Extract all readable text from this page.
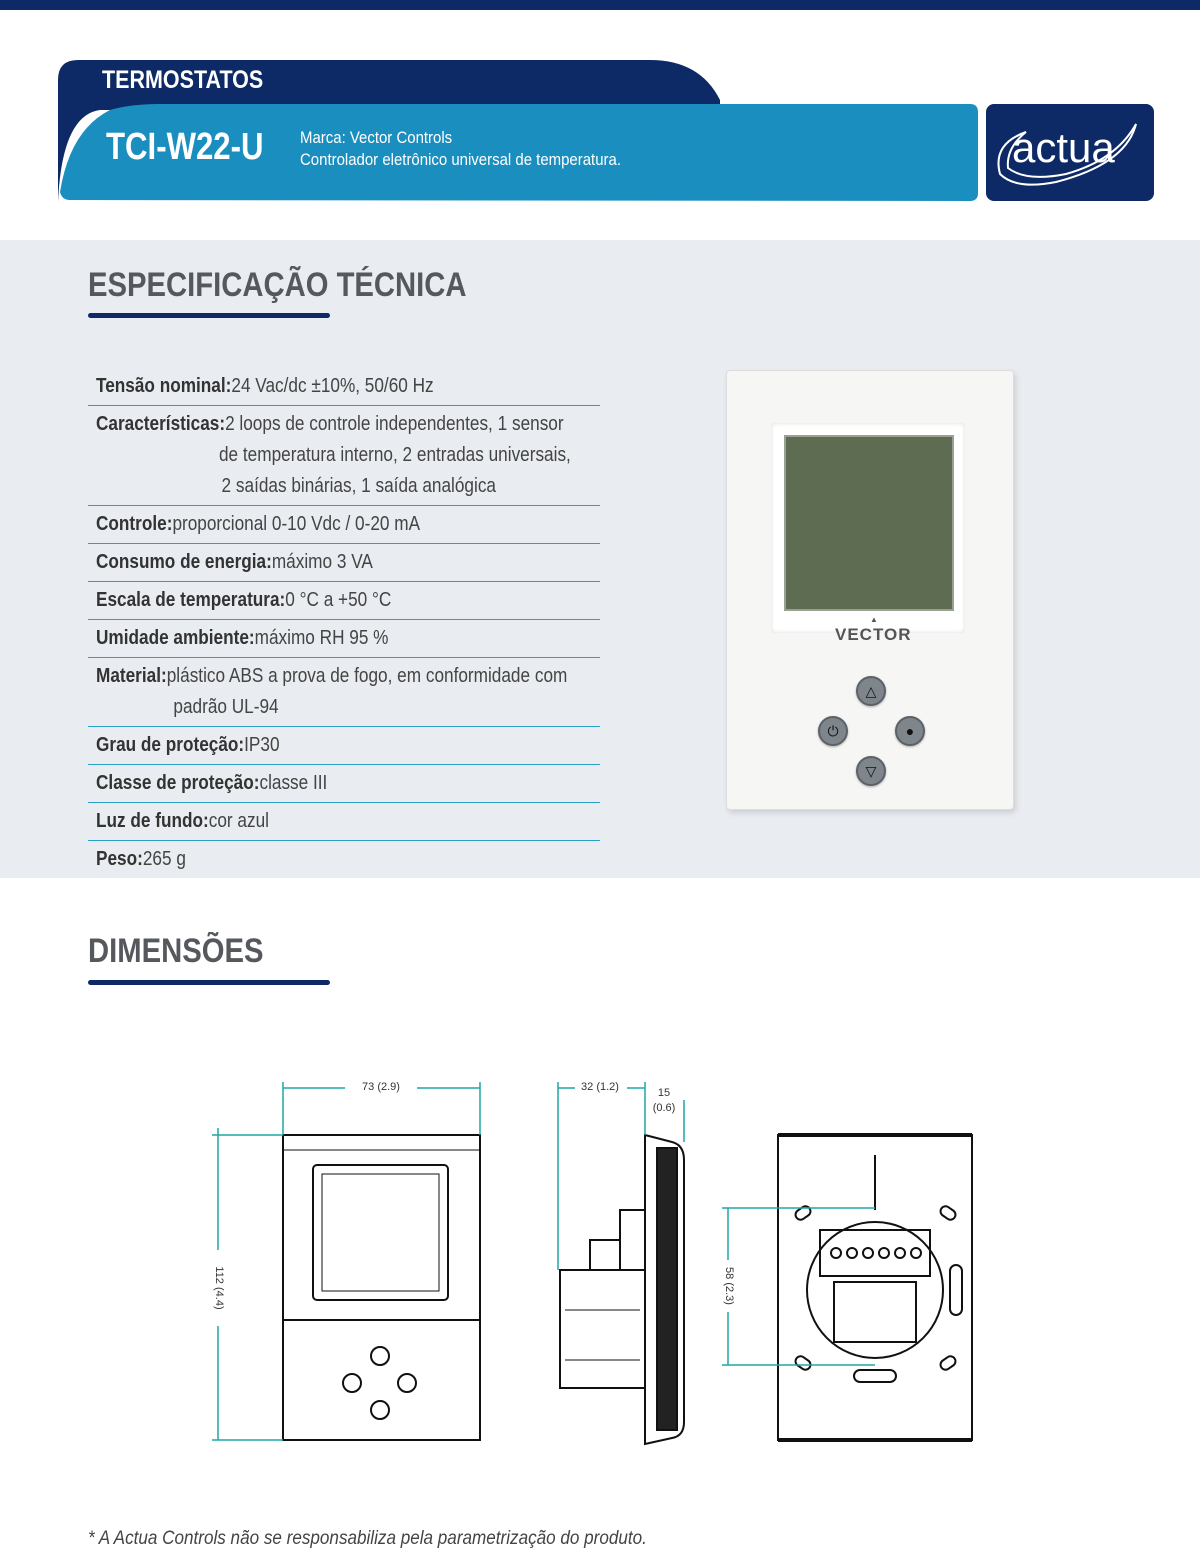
TERMOSTATOS
TCI-W22-U Marca: Vector Controls
Controlador eletrônico universal de temperatura.	actua
ESPECIFICAÇÃO TÉCNICA
Tensão nominal:24 Vac/dc ±10%, 50/60 Hz
Características:2 loops de controle independentes, 1 sensor
de temperatura interno, 2 entradas universais,
2 saídas binárias, 1 saída analógica
Controle:proporcional 0-10 Vdc / 0-20 mA
Consumo de energia:máximo 3 VA
Escala de temperatura:0 °C a +50 °C
Umidade ambiente:máximo RH 95 %
Material:plástico ABS a prova de fogo, em conformidade com
padrão UL-94
Grau de proteção:IP30
Classe de proteção:classe III
Luz de fundo:cor azul
Peso:265 g
▲
VECTOR
△
⏻	●
▽
DIMENSÕES
73 (2.9)
112 (4.4)
32 (1.2)	15
(0.6)
58 (2.3)
* A Actua Controls não se responsabiliza pela parametrização do produto.
